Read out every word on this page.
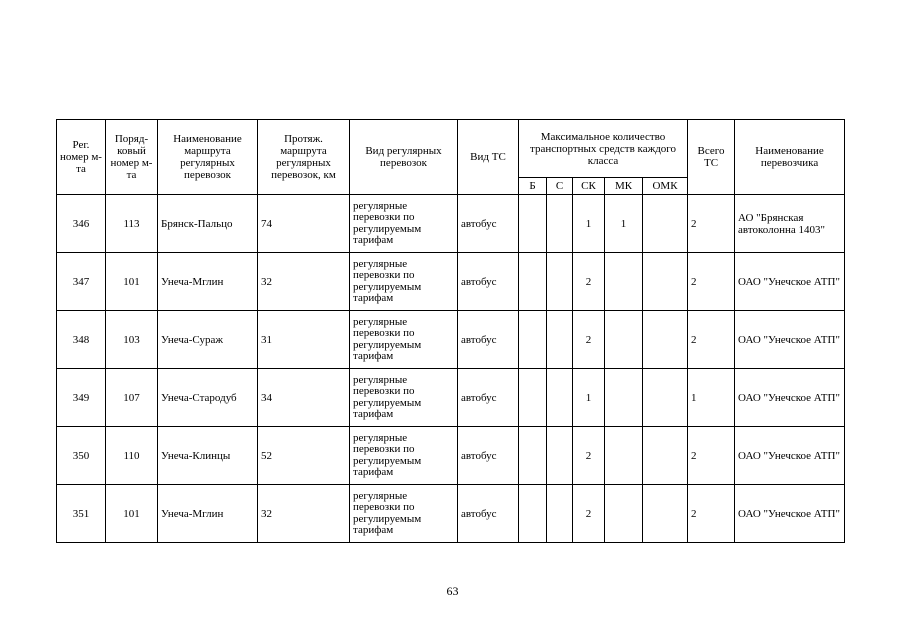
Рег. номер м-та	Поряд-ковый номер м-та	Наименование маршрута регулярных перевозок	Протяж. маршрута регулярных перевозок, км	Вид регулярных перевозок	Вид ТС	Максимальное количество транспортных средств каждого класса					Всего ТС	Наименование перевозчика
						Б	С	СК	МК	ОМК		
346	113	Брянск-Пальцо	74	регулярные перевозки по регулируемым тарифам	автобус			1	1		2	АО "Брянская автоколонна 1403"
347	101	Унеча-Мглин	32	регулярные перевозки по регулируемым тарифам	автобус			2			2	ОАО "Унечское АТП"
348	103	Унеча-Сураж	31	регулярные перевозки по регулируемым тарифам	автобус			2			2	ОАО "Унечское АТП"
349	107	Унеча-Стародуб	34	регулярные перевозки по регулируемым тарифам	автобус			1			1	ОАО "Унечское АТП"
350	110	Унеча-Клинцы	52	регулярные перевозки по регулируемым тарифам	автобус			2			2	ОАО "Унечское АТП"
351	101	Унеча-Мглин	32	регулярные перевозки по регулируемым тарифам	автобус			2			2	ОАО "Унечское АТП"
63
